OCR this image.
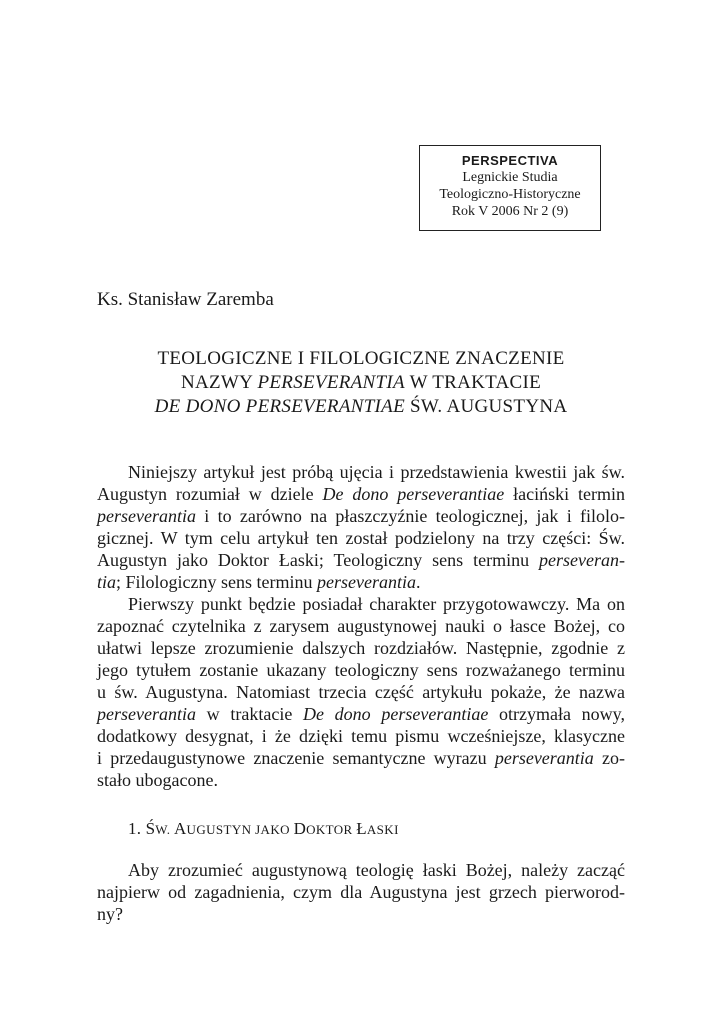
PERSPECTIVA
Legnickie Studia
Teologiczno-Historyczne
Rok V 2006 Nr 2 (9)
Ks. Stanisław Zaremba
TEOLOGICZNE I FILOLOGICZNE ZNACZENIE
NAZWY PERSEVERANTIA W TRAKTACIE
DE DONO PERSEVERANTIAE ŚW. AUGUSTYNA
Niniejszy artykuł jest próbą ujęcia i przedstawienia kwestii jak św.
Augustyn rozumiał w dziele De dono perseverantiae łaciński termin
perseverantia i to zarówno na płaszczyźnie teologicznej, jak i filolo-
gicznej. W tym celu artykuł ten został podzielony na trzy części: Św.
Augustyn jako Doktor Łaski; Teologiczny sens terminu perseveran-
tia; Filologiczny sens terminu perseverantia.
Pierwszy punkt będzie posiadał charakter przygotowawczy. Ma on
zapoznać czytelnika z zarysem augustynowej nauki o łasce Bożej, co
ułatwi lepsze zrozumienie dalszych rozdziałów. Następnie, zgodnie z
jego tytułem zostanie ukazany teologiczny sens rozważanego terminu
u św. Augustyna. Natomiast trzecia część artykułu pokaże, że nazwa
perseverantia w traktacie De dono perseverantiae otrzymała nowy,
dodatkowy desygnat, i że dzięki temu pismu wcześniejsze, klasyczne
i przedaugustynowe znaczenie semantyczne wyrazu perseverantia zo-
stało ubogacone.
1. ŚW. AUGUSTYN JAKO DOKTOR ŁASKI
Aby zrozumieć augustynową teologię łaski Bożej, należy zacząć
najpierw od zagadnienia, czym dla Augustyna jest grzech pierworod-
ny?
